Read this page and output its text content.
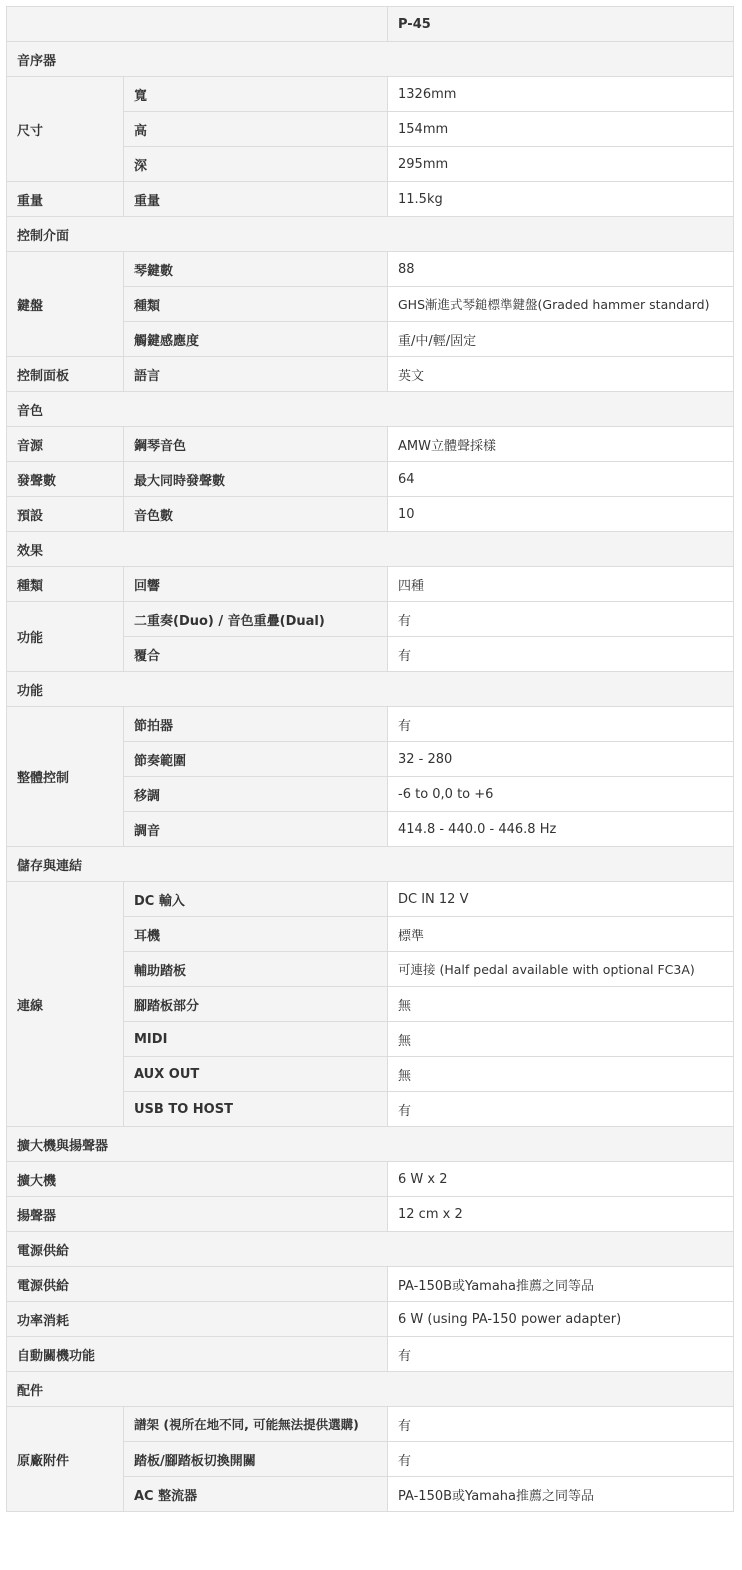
		P-45
音序器		
尺寸	寬	1326mm
	高	154mm
	深	295mm
重量	重量	11.5kg
控制介面		
鍵盤	琴鍵數	88
	種類	GHS漸進式琴鎚標準鍵盤(Graded hammer standard)
	觸鍵感應度	重/中/輕/固定
控制面板	語言	英文
音色		
音源	鋼琴音色	AMW立體聲採樣
發聲數	最大同時發聲數	64
預設	音色數	10
效果		
種類	回響	四種
功能	二重奏(Duo) / 音色重疊(Dual)	有
	覆合	有
功能		
整體控制	節拍器	有
	節奏範圍	32 - 280
	移調	-6 to 0,0 to +6
	調音	414.8 - 440.0 - 446.8 Hz
儲存與連結		
連線	DC 輸入	DC IN 12 V
	耳機	標準
	輔助踏板	可連接 (Half pedal available with optional FC3A)
	腳踏板部分	無
	MIDI	無
	AUX OUT	無
	USB TO HOST	有
擴大機與揚聲器		
擴大機		6 W x 2
揚聲器		12 cm x 2
電源供給		
電源供給		PA-150B或Yamaha推薦之同等品
功率消耗		6 W (using PA-150 power adapter)
自動關機功能		有
配件		
原廠附件	譜架 (視所在地不同, 可能無法提供選購)	有
	踏板/腳踏板切換開關	有
	AC 整流器	PA-150B或Yamaha推薦之同等品
